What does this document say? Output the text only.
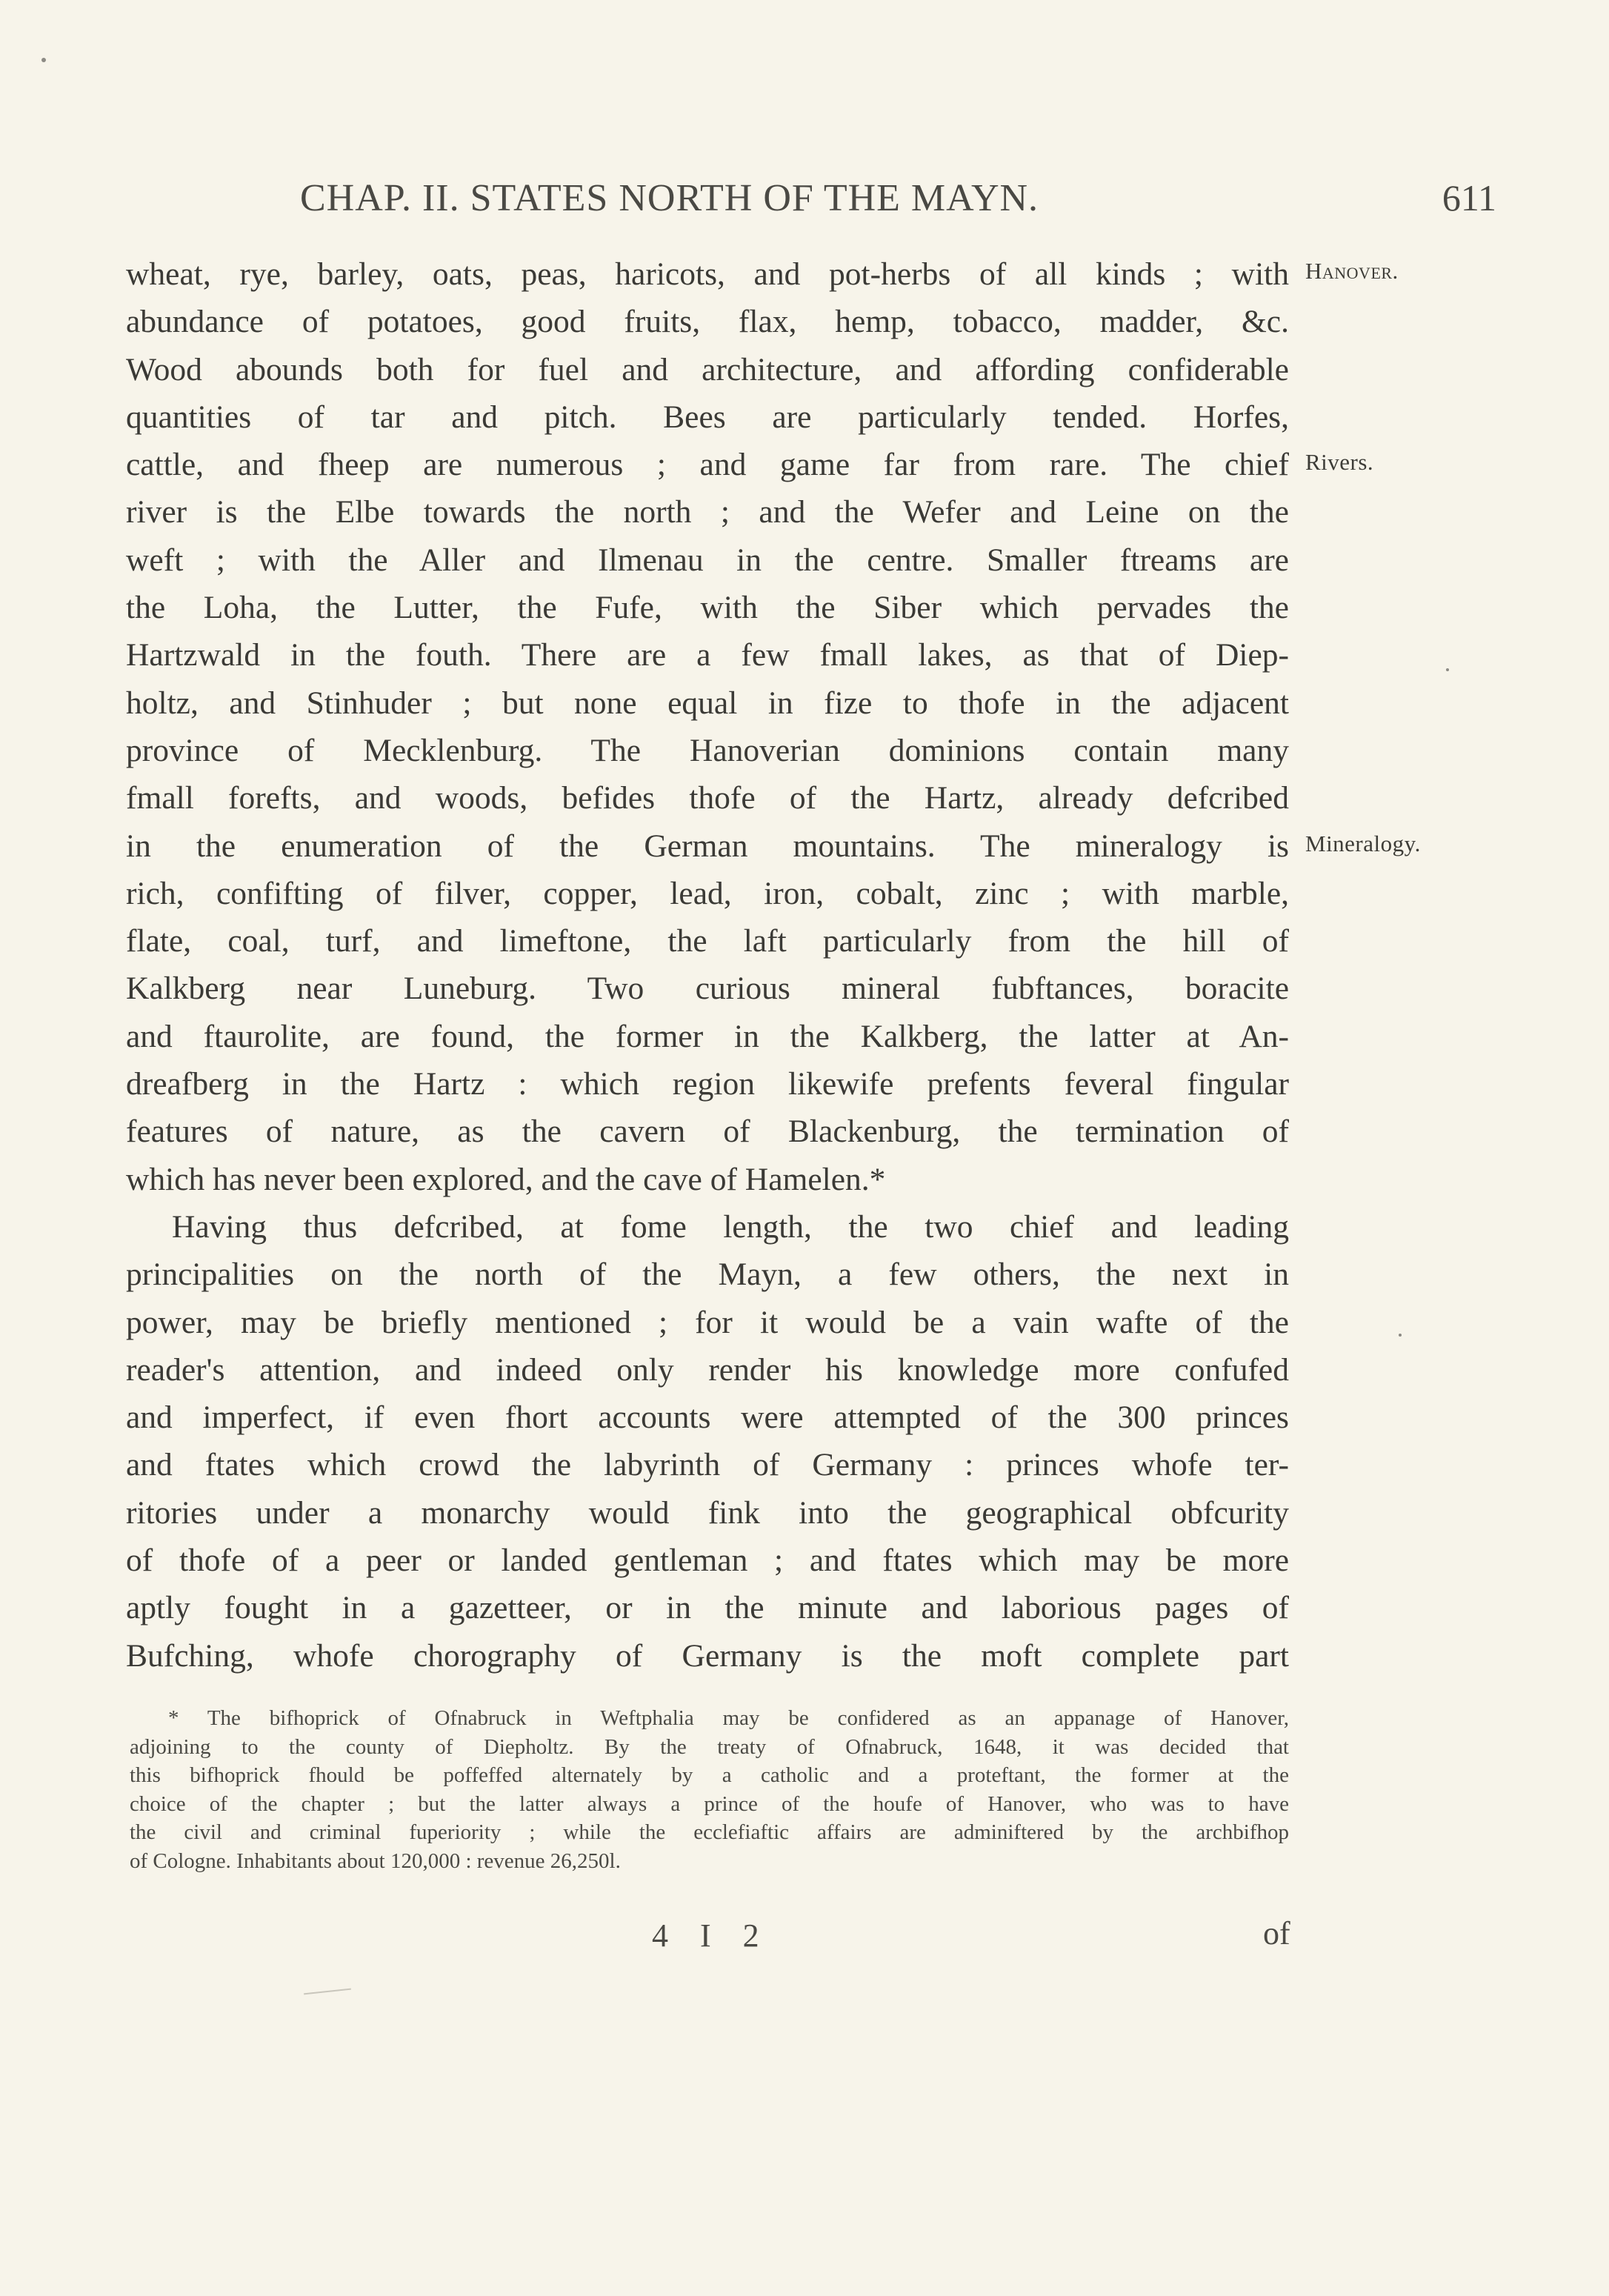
CHAP. II. STATES NORTH OF THE MAYN.	611
Hanover.
Rivers.
Mineralogy.
wheat, rye, barley, oats, peas, haricots, and pot-herbs of all kinds ; with
abundance of potatoes, good fruits, flax, hemp, tobacco, madder, &c.
Wood abounds both for fuel and architecture, and affording confiderable
quantities of tar and pitch. Bees are particularly tended. Horfes,
cattle, and fheep are numerous ; and game far from rare. The chief
river is the Elbe towards the north ; and the Wefer and Leine on the
weft ; with the Aller and Ilmenau in the centre. Smaller ftreams are
the Loha, the Lutter, the Fufe, with the Siber which pervades the
Hartzwald in the fouth. There are a few fmall lakes, as that of Diep-
holtz, and Stinhuder ; but none equal in fize to thofe in the adjacent
province of Mecklenburg. The Hanoverian dominions contain many
fmall forefts, and woods, befides thofe of the Hartz, already defcribed
in the enumeration of the German mountains. The mineralogy is
rich, confifting of filver, copper, lead, iron, cobalt, zinc ; with marble,
flate, coal, turf, and limeftone, the laft particularly from the hill of
Kalkberg near Luneburg. Two curious mineral fubftances, boracite
and ftaurolite, are found, the former in the Kalkberg, the latter at An-
dreafberg in the Hartz : which region likewife prefents feveral fingular
features of nature, as the cavern of Blackenburg, the termination of
which has never been explored, and the cave of Hamelen.*
Having thus defcribed, at fome length, the two chief and leading
principalities on the north of the Mayn, a few others, the next in
power, may be briefly mentioned ; for it would be a vain wafte of the
reader's attention, and indeed only render his knowledge more confufed
and imperfect, if even fhort accounts were attempted of the 300 princes
and ftates which crowd the labyrinth of Germany : princes whofe ter-
ritories under a monarchy would fink into the geographical obfcurity
of thofe of a peer or landed gentleman ; and ftates which may be more
aptly fought in a gazetteer, or in the minute and laborious pages of
Bufching, whofe chorography of Germany is the moft complete part
* The bifhoprick of Ofnabruck in Weftphalia may be confidered as an appanage of Hanover,
adjoining to the county of Diepholtz. By the treaty of Ofnabruck, 1648, it was decided that
this bifhoprick fhould be poffeffed alternately by a catholic and a proteftant, the former at the
choice of the chapter ; but the latter always a prince of the houfe of Hanover, who was to have
the civil and criminal fuperiority ; while the ecclefiaftic affairs are adminiftered by the archbifhop
of Cologne. Inhabitants about 120,000 : revenue 26,250l.
4 I 2	of
